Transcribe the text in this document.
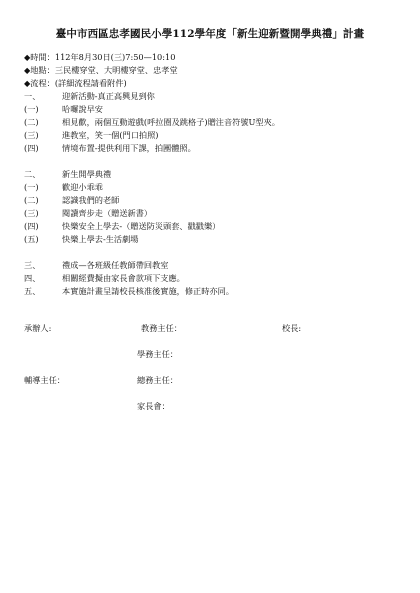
臺中市西區忠孝國民小學112學年度「新生迎新暨開學典禮」計畫
◆時間：112年8月30日(三)7:50—10:10
◆地點：三民樓穿堂、大明樓穿堂、忠孝堂
◆流程：(詳細流程請看附件)
一、	迎新活動-真正高興見到你
(一)	哈囉說早安
(二)	相見歡，兩個互動遊戲(呼拉圈及跳格子)贈注音符號U型夾。
(三)	進教室，笑一個(門口拍照)
(四)	情境布置-提供利用下課，拍團體照。
二、	新生開學典禮
(一)	歡迎小乖乖
(二)	認識我們的老師
(三)	閱讀齊步走（贈送新書）
(四)	快樂安全上學去-（贈送防災頭套、戳戳樂）
(五)	快樂上學去-生活劇場
三、	禮成—各班級任教師帶回教室
四、	相關經費擬由家長會款項下支應。
五、	本實施計畫呈請校長核准後實施，修正時亦同。
承辦人:	教務主任：	校長:
學務主任：
輔導主任：	總務主任：
家長會：
